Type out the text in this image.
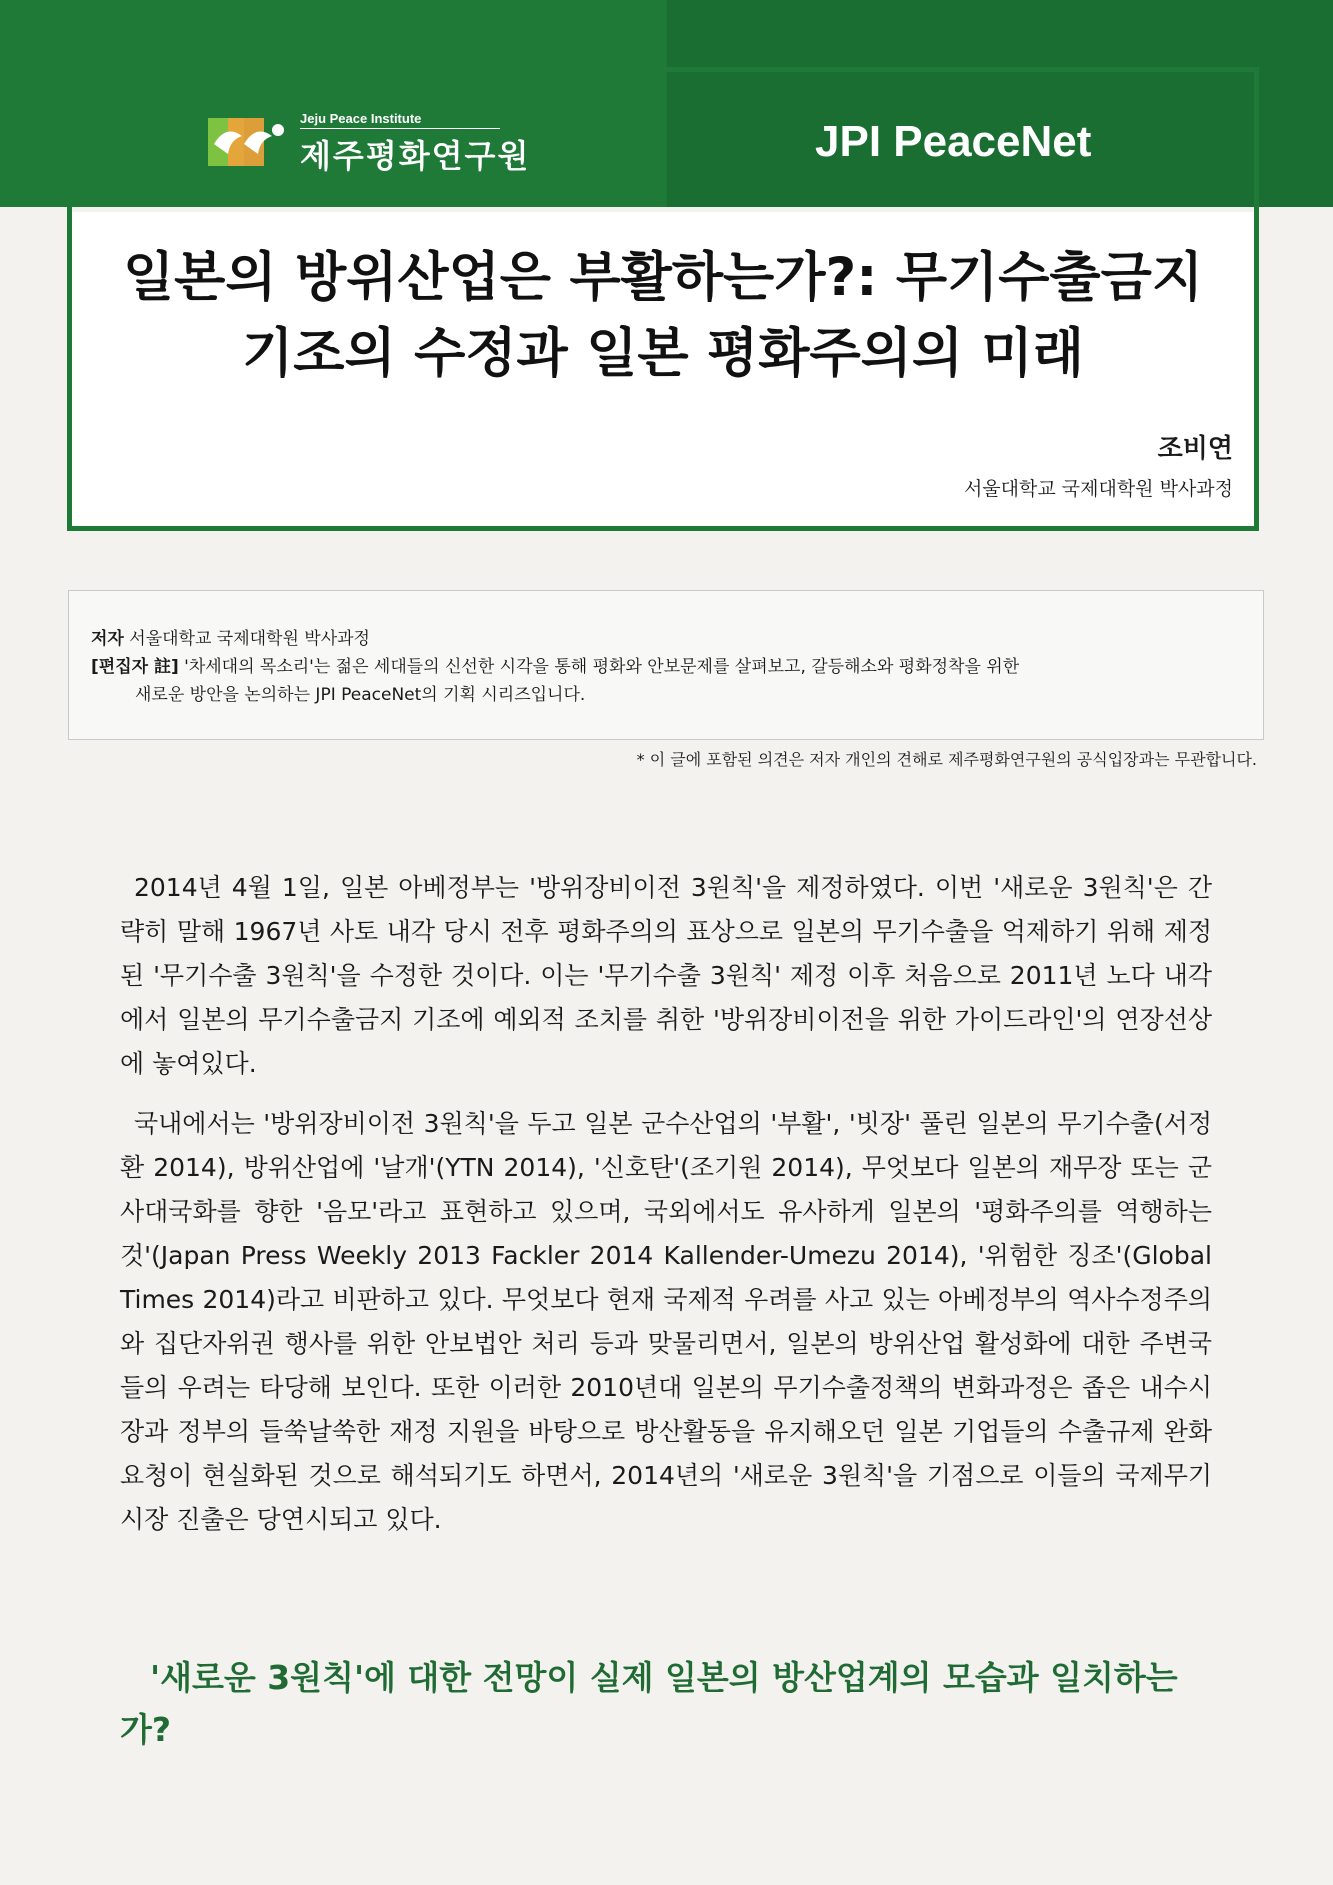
Jeju Peace Institute
제주평화연구원	JPI PeaceNet
일본의 방위산업은 부활하는가?: 무기수출금지
기조의 수정과 일본 평화주의의 미래
조비연
서울대학교 국제대학원 박사과정
저자
서울대학교 국제대학원 박사과정
[편집자 註]
'차세대의 목소리'는 젊은 세대들의 신선한 시각을 통해 평화와 안보문제를 살펴보고, 갈등해소와 평화정착을 위한
새로운 방안을 논의하는 JPI PeaceNet의 기획 시리즈입니다.
* 이 글에 포함된 의견은 저자 개인의 견해로 제주평화연구원의 공식입장과는 무관합니다.

2014년 4월 1일, 일본 아베정부는 '방위장비이전 3원칙'을 제정하였다. 이번 '새로운 3원칙'은 간략히 말해 1967년 사토 내각 당시 전후 평화주의의 표상으로 일본의 무기수출을 억제하기 위해 제정된 '무기수출 3원칙'을 수정한 것이다. 이는 '무기수출 3원칙' 제정 이후 처음으로 2011년 노다 내각에서 일본의 무기수출금지 기조에 예외적 조치를 취한 '방위장비이전을 위한 가이드라인'의 연장선상에 놓여있다.

국내에서는 '방위장비이전 3원칙'을 두고 일본 군수산업의 '부활', '빗장' 풀린 일본의 무기수출(서정환 2014), 방위산업에 '날개'(YTN 2014), '신호탄'(조기원 2014), 무엇보다 일본의 재무장 또는 군사대국화를 향한 '음모'라고 표현하고 있으며, 국외에서도 유사하게 일본의 '평화주의를 역행하는 것'(Japan Press Weekly 2013 Fackler 2014 Kallender-Umezu 2014), '위험한 징조'(Global Times 2014)라고 비판하고 있다. 무엇보다 현재 국제적 우려를 사고 있는 아베정부의 역사수정주의와 집단자위권 행사를 위한 안보법안 처리 등과 맞물리면서, 일본의 방위산업 활성화에 대한 주변국들의 우려는 타당해 보인다. 또한 이러한 2010년대 일본의 무기수출정책의 변화과정은 좁은 내수시장과 정부의 들쑥날쑥한 재정 지원을 바탕으로 방산활동을 유지해오던 일본 기업들의 수출규제 완화 요청이 현실화된 것으로 해석되기도 하면서, 2014년의 '새로운 3원칙'을 기점으로 이들의 국제무기시장 진출은 당연시되고 있다.

'새로운 3원칙'에 대한 전망이 실제 일본의 방산업계의 모습과 일치하는가?
